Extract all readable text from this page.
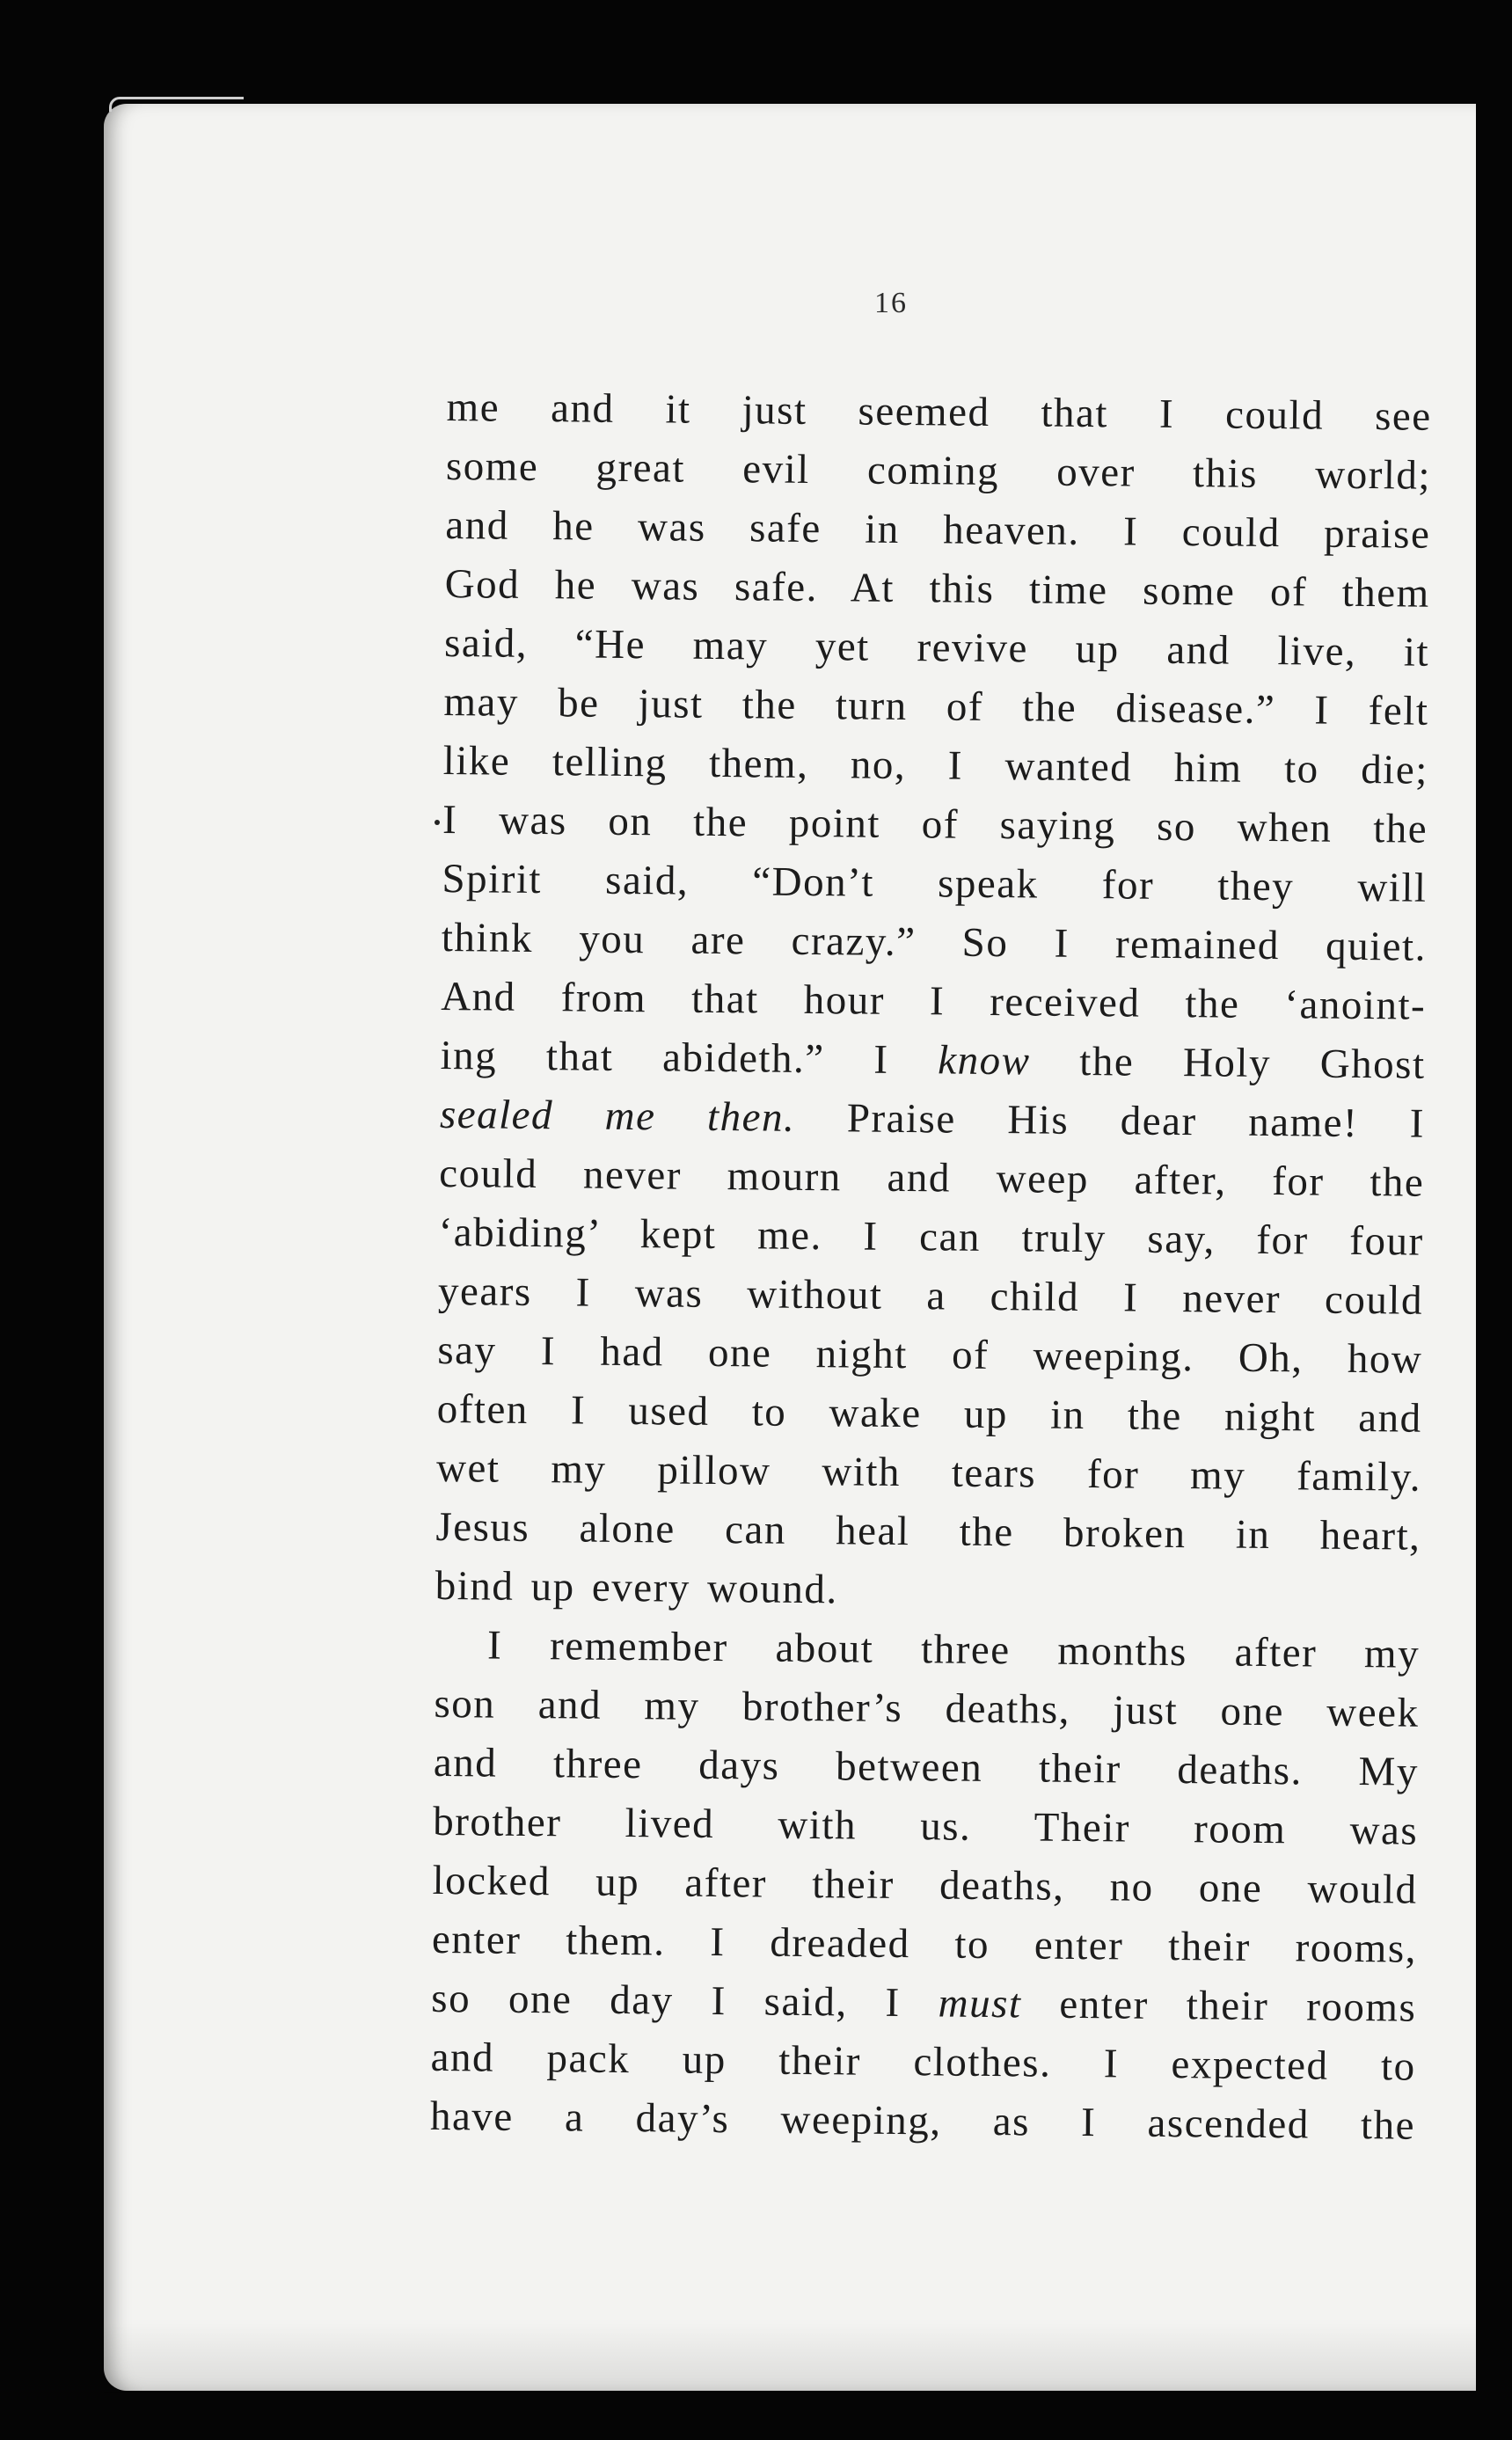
16
me and it just seemed that I could see
some great evil coming over this world;
and he was safe in heaven. I could praise
God he was safe. At this time some of them
said, “He may yet revive up and live, it
may be just the turn of the disease.” I felt
like telling them, no, I wanted him to die;
I was on the point of saying so when the
Spirit said, “Don’t speak for they will
think you are crazy.” So I remained quiet.
And from that hour I received the ‘anoint-
ing that abideth.” I know the Holy Ghost
sealed me then. Praise His dear name! I
could never mourn and weep after, for the
‘abiding’ kept me. I can truly say, for four
years I was without a child I never could
say I had one night of weeping. Oh, how
often I used to wake up in the night and
wet my pillow with tears for my family.
Jesus alone can heal the broken in heart,
bind up every wound.
I remember about three months after my
son and my brother’s deaths, just one week
and three days between their deaths. My
brother lived with us. Their room was
locked up after their deaths, no one would
enter them. I dreaded to enter their rooms,
so one day I said, I must enter their rooms
and pack up their clothes. I expected to
have a day’s weeping, as I ascended the
